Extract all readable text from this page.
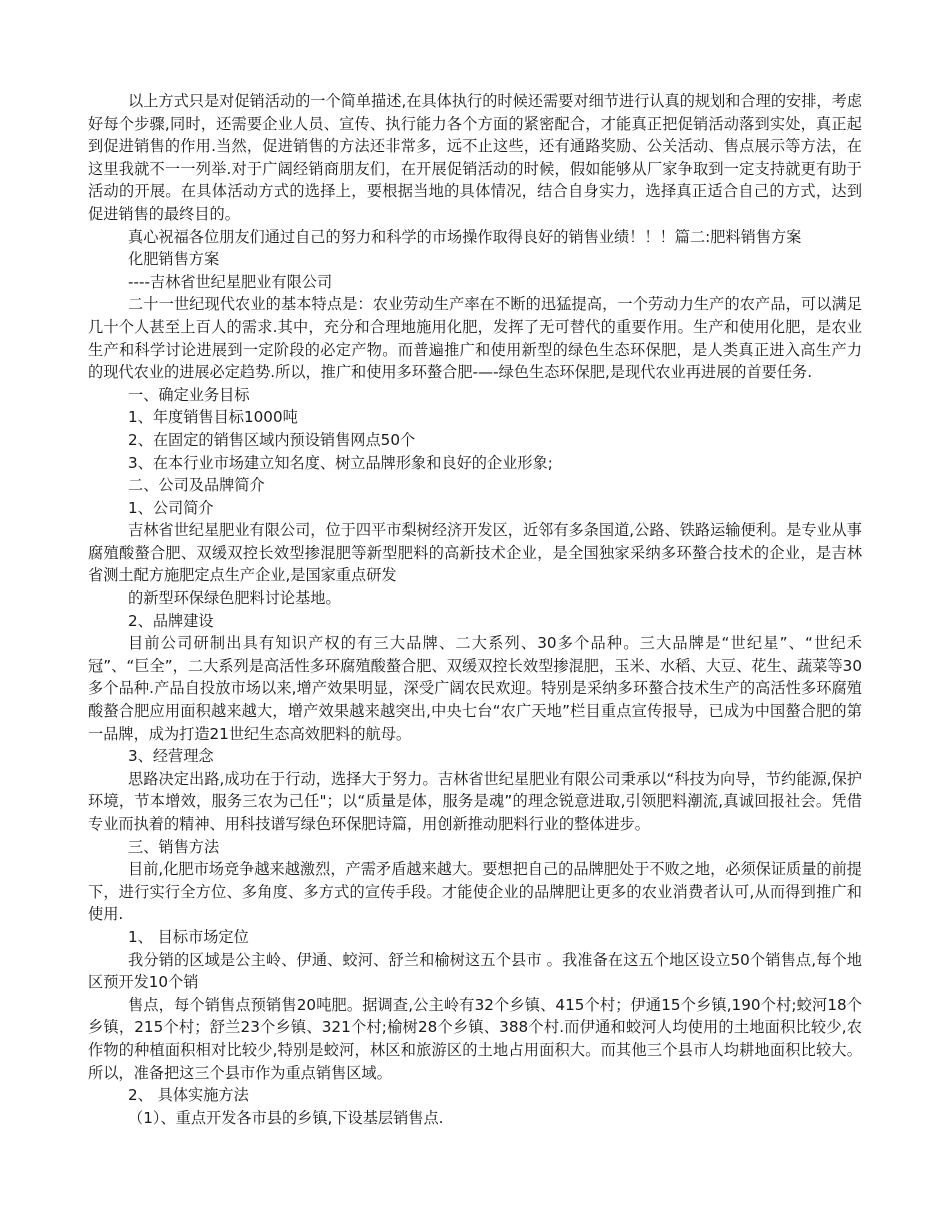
以上方式只是对促销活动的一个简单描述,在具体执行的时候还需要对细节进行认真的规划和合理的安排，考虑好每个步骤,同时，还需要企业人员、宣传、执行能力各个方面的紧密配合，才能真正把促销活动落到实处，真正起到促进销售的作用.当然，促进销售的方法还非常多，远不止这些，还有通路奖励、公关活动、售点展示等方法，在这里我就不一一列举.对于广阔经销商朋友们，在开展促销活动的时候，假如能够从厂家争取到一定支持就更有助于活动的开展。在具体活动方式的选择上，要根据当地的具体情况，结合自身实力，选择真正适合自己的方式，达到促进销售的最终目的。

真心祝福各位朋友们通过自己的努力和科学的市场操作取得良好的销售业绩！！！篇二:肥料销售方案

化肥销售方案

----吉林省世纪星肥业有限公司

二十一世纪现代农业的基本特点是：农业劳动生产率在不断的迅猛提高，一个劳动力生产的农产品，可以满足几十个人甚至上百人的需求.其中，充分和合理地施用化肥，发挥了无可替代的重要作用。生产和使用化肥，是农业生产和科学讨论进展到一定阶段的必定产物。而普遍推广和使用新型的绿色生态环保肥，是人类真正进入高生产力的现代农业的进展必定趋势.所以，推广和使用多环螯合肥-—-绿色生态环保肥,是现代农业再进展的首要任务.

一、确定业务目标

1、年度销售目标1000吨

2、在固定的销售区域内预设销售网点50个

3、在本行业市场建立知名度、树立品牌形象和良好的企业形象;

二、公司及品牌简介

1、公司简介

吉林省世纪星肥业有限公司，位于四平市梨树经济开发区，近邻有多条国道,公路、铁路运输便利。是专业从事腐殖酸螯合肥、双缓双控长效型掺混肥等新型肥料的高新技术企业，是全国独家采纳多环螯合技术的企业，是吉林省测土配方施肥定点生产企业,是国家重点研发

的新型环保绿色肥料讨论基地。

2、品牌建设

目前公司研制出具有知识产权的有三大品牌、二大系列、30多个品种。三大品牌是“世纪星”、“世纪禾冠”、“巨全”，二大系列是高活性多环腐殖酸螯合肥、双缓双控长效型掺混肥，玉米、水稻、大豆、花生、蔬菜等30多个品种.产品自投放市场以来,增产效果明显，深受广阔农民欢迎。特别是采纳多环螯合技术生产的高活性多环腐殖酸螯合肥应用面积越来越大，增产效果越来越突出,中央七台“农广天地”栏目重点宣传报导，已成为中国螯合肥的第一品牌，成为打造21世纪生态高效肥料的航母。

3、经营理念

思路决定出路,成功在于行动，选择大于努力。吉林省世纪星肥业有限公司秉承以“科技为向导，节约能源,保护环境，节本增效，服务三农为己任"；以“质量是体，服务是魂”的理念锐意进取,引领肥料潮流,真诚回报社会。凭借专业而执着的精神、用科技谱写绿色环保肥诗篇，用创新推动肥料行业的整体进步。

三、销售方法

目前,化肥市场竞争越来越激烈，产需矛盾越来越大。要想把自己的品牌肥处于不败之地，必须保证质量的前提下，进行实行全方位、多角度、多方式的宣传手段。才能使企业的品牌肥让更多的农业消费者认可,从而得到推广和使用.

1、 目标市场定位

我分销的区域是公主岭、伊通、蛟河、舒兰和榆树这五个县市 。我准备在这五个地区设立50个销售点,每个地区预开发10个销

售点，每个销售点预销售20吨肥。据调查,公主岭有32个乡镇、415个村；伊通15个乡镇,190个村;蛟河18个乡镇，215个村；舒兰23个乡镇、321个村;榆树28个乡镇、388个村.而伊通和蛟河人均使用的土地面积比较少,农作物的种植面积相对比较少,特别是蛟河，林区和旅游区的土地占用面积大。而其他三个县市人均耕地面积比较大。所以，准备把这三个县市作为重点销售区域。

2、 具体实施方法

（1）、重点开发各市县的乡镇,下设基层销售点.
